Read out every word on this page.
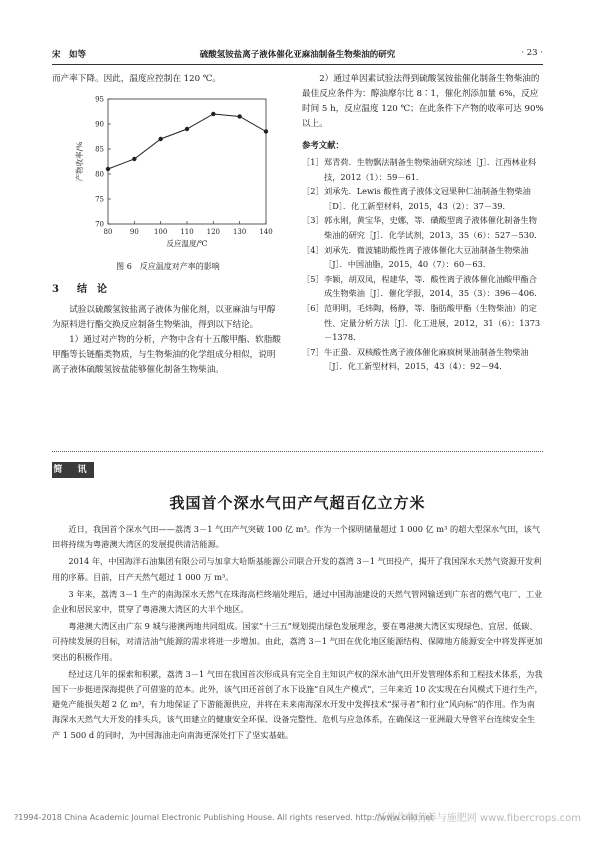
宋　如等	硫酸氢铵盐离子液体催化亚麻油制备生物柴油的研究	· 23 ·

而产率下降。因此，温度应控制在 120 ℃。

80 90 100 110 120 130 140
70
75
80
85
90
95
产物收率/%
反应温度/℃
图 6　反应温度对产率的影响
3 结　论

试验以硫酸氢铵盐离子液体为催化剂，以亚麻油与甲醇为原料进行酯交换反应制备生物柴油，得到以下结论。

1）通过对产物的分析，产物中含有十五酸甲酯、软脂酸甲酯等长链酯类物质，与生物柴油的化学组成分相似，说明离子液体硫酸氢铵盐能够催化制备生物柴油。

2）通过单因素试验法得到硫酸氢铵盐催化制备生物柴油的最佳反应条件为：醇油摩尔比 8∶1，催化剂添加量 6%，反应时间 5 h，反应温度 120 ℃；在此条件下产物的收率可达 90% 以上。

参考文献：
［1］ 郑青荷．生物飘法制备生物柴油研究综述［J］．江西林业科技，2012（1）：59－61．
［2］ 刘承先．Lewis 酸性离子液体文冠果种仁油制备生物柴油［D］．化工新型材料，2015，43（2）：37－39．
［3］ 郭永刚，黄宝华，史娜，等．磺酸型离子液体催化制备生物柴油的研究［J］．化学试剂，2013，35（6）：527－530．
［4］ 刘承先．微波辅助酸性离子液体催化大豆油制备生物柴油［J］．中国油脂，2015，40（7）：60－63．
［5］ 李颖，胡双凤，程建华，等．酸性离子液体催化油酸甲酯合成生物柴油［J］．催化学报，2014，35（3）：396－406．
［6］ 范明明，毛炜陶，杨静，等．脂肪酸甲酯（生物柴油）的定性、定量分析方法［J］．化工进展，2012，31（6）：1373－1378．
［7］ 牛正蛩．双核酸性离子液体催化麻疯树果油制备生物柴油［J］．化工新型材料，2015，43（4）：92－94．
简 讯
我国首个深水气田产气超百亿立方米

近日，我国首个深水气田——荔湾 3－1 气田产气突破 100 亿 m³。作为一个探明储量超过 1 000 亿 m³ 的超大型深水气田，该气田将持续为粤港澳大湾区的发展提供清洁能源。

2014 年，中国海洋石油集团有限公司与加拿大哈斯基能源公司联合开发的荔湾 3－1 气田投产，揭开了我国深水天然气资源开发利用的序幕。目前，日产天然气超过 1 000 万 m³。

3 年来，荔湾 3－1 生产的南海深水天然气在珠海高栏终端处理后，通过中国海油建设的天然气管网输送到广东省的燃气电厂、工业企业和居民家中，贯穿了粤港澳大湾区的大半个地区。

粤港澳大湾区由广东 9 城与港澳两地共同组成。国家“十三五”规划提出绿色发展理念，要在粤港澳大湾区实现绿色、宜居、低碳、可持续发展的目标，对清洁油气能源的需求将进一步增加。由此，荔湾 3－1 气田在优化地区能源结构、保障地方能源安全中将发挥更加突出的积极作用。

经过这几年的探索和积累，荔湾 3－1 气田在我国首次形成具有完全自主知识产权的深水油气田开发管理体系和工程技术体系，为我国下一步挺进深海提供了可借鉴的范本。此外，该气田还首创了水下设施“自风生产模式”，三年来近 10 次实现在台风模式下进行生产，避免产能损失超 2 亿 m³，有力地保证了下游能源供应，并将在未来南海深水开发中发挥技术“探寻者”和行业“风向标”的作用。作为南海深水天然气大开发的排头兵，该气田建立的健康安全环保、设备完整性、危机与应急体系，在确保这一亚洲最大导管平台连续安全生产 1 500 d 的同时，为中国海油走向南海更深处打下了坚实基础。

?1994-2018 China Academic Journal Electronic Publishing House. All rights reserved. http://www.cnki.net
纤维作物营养与施肥网 www.fibercrops.com
